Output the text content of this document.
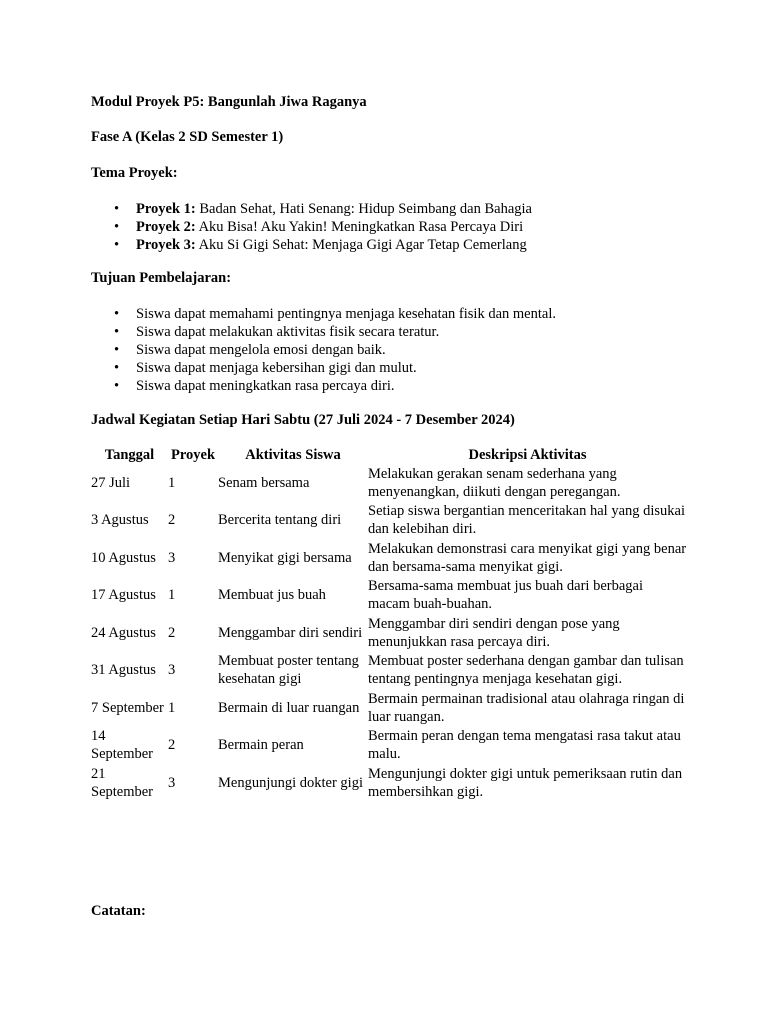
Modul Proyek P5: Bangunlah Jiwa Raganya

Fase A (Kelas 2 SD Semester 1)

Tema Proyek:

• Proyek 1: Badan Sehat, Hati Senang: Hidup Seimbang dan Bahagia
• Proyek 2: Aku Bisa! Aku Yakin! Meningkatkan Rasa Percaya Diri
• Proyek 3: Aku Si Gigi Sehat: Menjaga Gigi Agar Tetap Cemerlang

Tujuan Pembelajaran:

• Siswa dapat memahami pentingnya menjaga kesehatan fisik dan mental.
• Siswa dapat melakukan aktivitas fisik secara teratur.
• Siswa dapat mengelola emosi dengan baik.
• Siswa dapat menjaga kebersihan gigi dan mulut.
• Siswa dapat meningkatkan rasa percaya diri.

Jadwal Kegiatan Setiap Hari Sabtu (27 Juli 2024 - 7 Desember 2024)

Tanggal	Proyek	Aktivitas Siswa	Deskripsi Aktivitas
27 Juli	1	Senam bersama	Melakukan gerakan senam sederhana yang menyenangkan, diikuti dengan peregangan.
3 Agustus	2	Bercerita tentang diri	Setiap siswa bergantian menceritakan hal yang disukai dan kelebihan diri.
10 Agustus	3	Menyikat gigi bersama	Melakukan demonstrasi cara menyikat gigi yang benar dan bersama-sama menyikat gigi.
17 Agustus	1	Membuat jus buah	Bersama-sama membuat jus buah dari berbagai macam buah-buahan.
24 Agustus	2	Menggambar diri sendiri	Menggambar diri sendiri dengan pose yang menunjukkan rasa percaya diri.
31 Agustus	3	Membuat poster tentang kesehatan gigi	Membuat poster sederhana dengan gambar dan tulisan tentang pentingnya menjaga kesehatan gigi.
7 September	1	Bermain di luar ruangan	Bermain permainan tradisional atau olahraga ringan di luar ruangan.
14 September	2	Bermain peran	Bermain peran dengan tema mengatasi rasa takut atau malu.
21 September	3	Mengunjungi dokter gigi	Mengunjungi dokter gigi untuk pemeriksaan rutin dan membersihkan gigi.

Catatan:
